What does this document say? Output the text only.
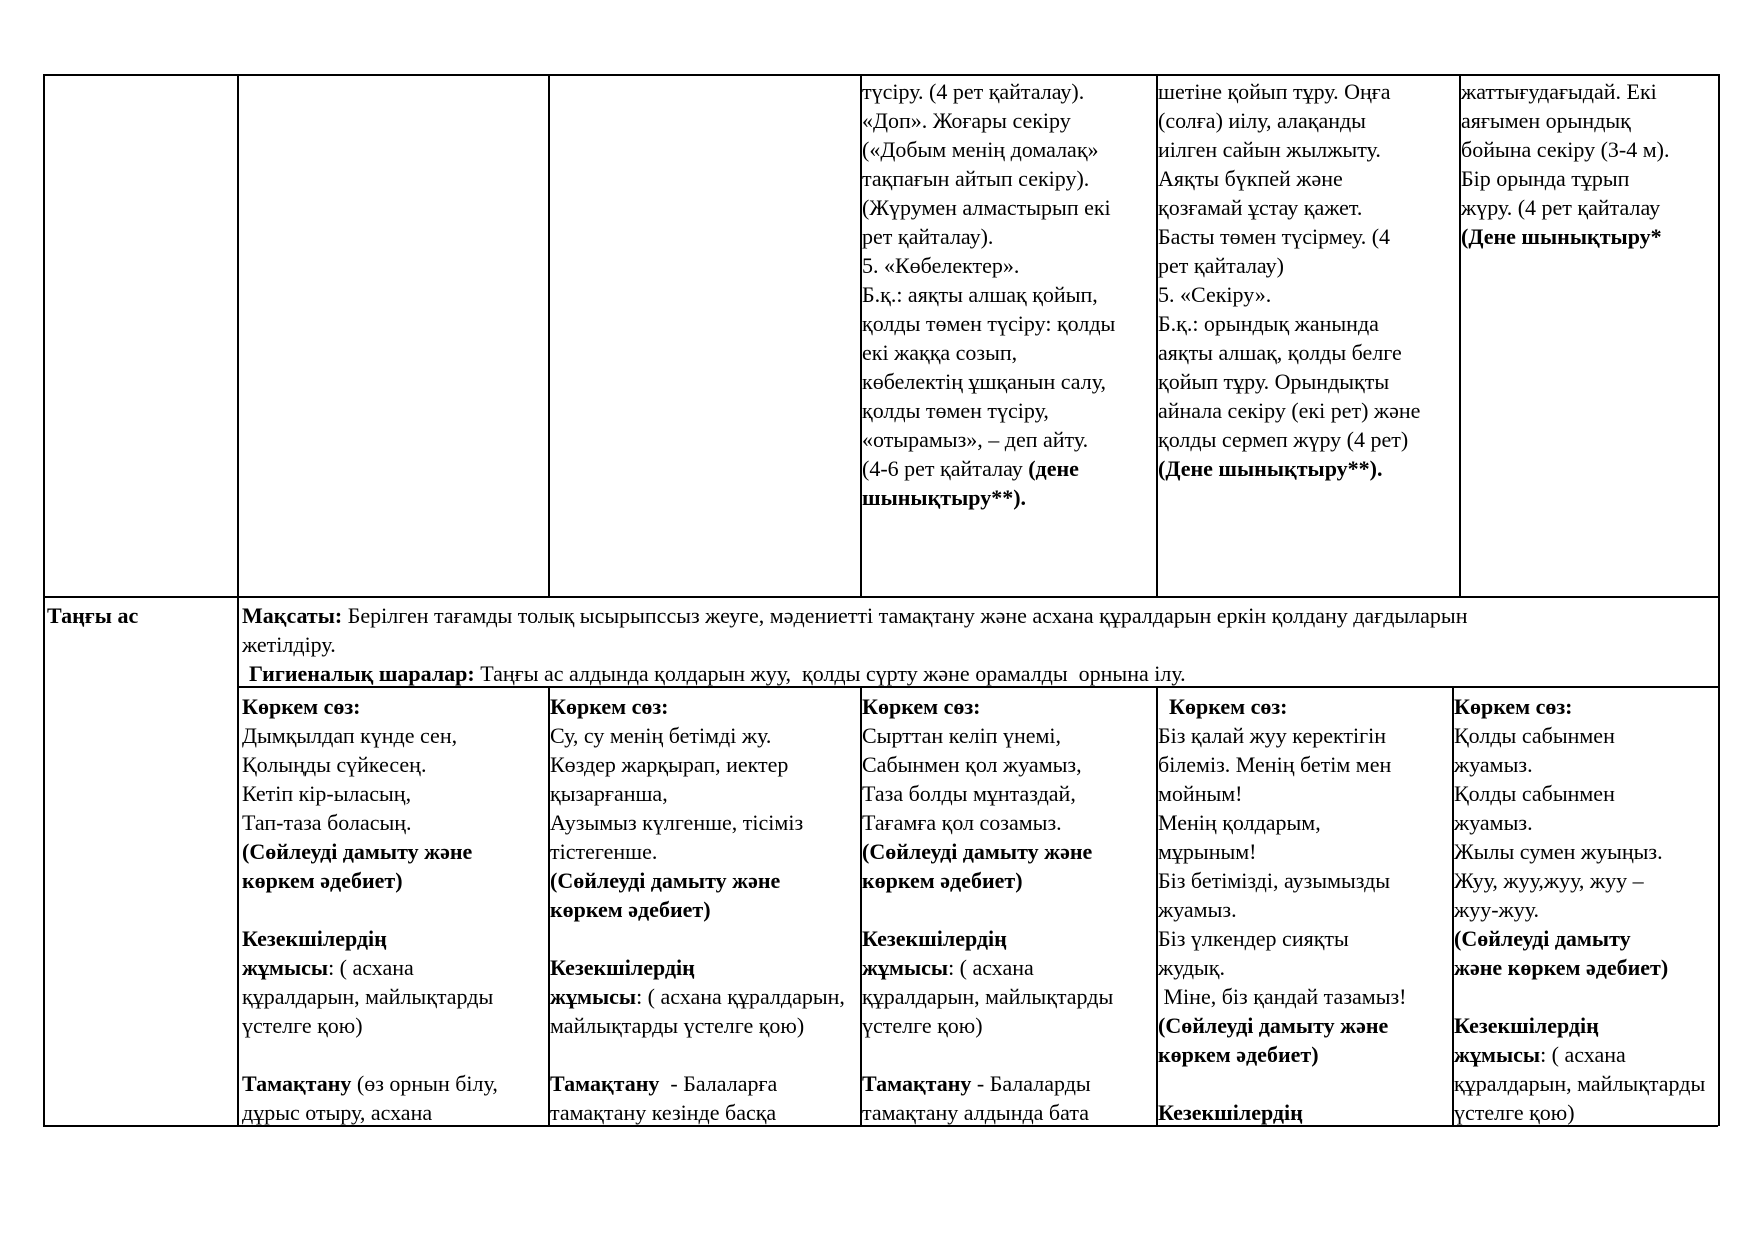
түсіру. (4 рет қайталау).
«Доп». Жоғары секіру
(«Добым менің домалақ»
тақпағын айтып секіру).
(Жүрумен алмастырып екі
рет қайталау).
5. «Көбелектер».
Б.қ.: аяқты алшақ қойып,
қолды төмен түсіру: қолды
екі жаққа созып,
көбелектің ұшқанын салу,
қолды төмен түсіру,
«отырамыз», – деп айту.
(4-6 рет қайталау (дене
шынықтыру**).
шетіне қойып тұру. Оңға
(солға) иілу, алақанды
иілген сайын жылжыту.
Аяқты бүкпей және
қозғамай ұстау қажет.
Басты төмен түсірмеу. (4
рет қайталау)
5. «Секіру».
Б.қ.: орындық жанында
аяқты алшақ, қолды белге
қойып тұру. Орындықты
айнала секіру (екі рет) және
қолды сермеп жүру (4 рет)
(Дене шынықтыру**).
жаттығудағыдай. Екі
аяғымен орындық
бойына секіру (3-4 м).
Бір орында тұрып
жүру. (4 рет қайталау
(Дене шынықтыру*
Таңғы ас	Мақсаты: Берілген тағамды толық ысырыпссыз жеуге, мәдениетті тамақтану және асхана құралдарын еркін қолдану дағдыларын
жетілдіру.
Гигиеналық шаралар: Таңғы ас алдында қолдарын жуу,  қолды сүрту және орамалды  орнына ілу.
Көркем сөз:
Дымқылдап күнде сен,
Қолыңды сүйкесең.
Кетіп кір-ыласың,
Тап-таза боласың.
(Сөйлеуді дамыту және
көркем әдебиет)
Кезекшілердің
жұмысы: ( асхана
құралдарын, майлықтарды
үстелге қою)
Тамақтану (өз орнын білу,
дұрыс отыру, асхана
Көркем сөз:
Су, су менің бетімді жу.
Көздер жарқырап, иектер
қызарғанша,
Аузымыз күлгенше, тісіміз
тістегенше.
(Сөйлеуді дамыту және
көркем әдебиет)
Кезекшілердің
жұмысы: ( асхана құралдарын,
майлықтарды үстелге қою)
Тамақтану  - Балаларға
тамақтану кезінде басқа
Көркем сөз:
Сырттан келіп үнемі,
Сабынмен қол жуамыз,
Таза болды мұнтаздай,
Тағамға қол созамыз.
(Сөйлеуді дамыту және
көркем әдебиет)
Кезекшілердің
жұмысы: ( асхана
құралдарын, майлықтарды
үстелге қою)
Тамақтану - Балаларды
тамақтану алдында бата
Көркем сөз:
Біз қалай жуу керектігін
білеміз. Менің бетім мен
мойным!
Менің қолдарым,
мұрыным!
Біз бетімізді, аузымызды
жуамыз.
Біз үлкендер сияқты
жудық.
Міне, біз қандай тазамыз!
(Сөйлеуді дамыту және
көркем әдебиет)
Кезекшілердің
Көркем сөз:
Қолды сабынмен
жуамыз.
Қолды сабынмен
жуамыз.
Жылы сумен жуыңыз.
Жуу, жуу,жуу, жуу –
жуу-жуу.
(Сөйлеуді дамыту
және көркем әдебиет)
Кезекшілердің
жұмысы: ( асхана
құралдарын, майлықтарды
үстелге қою)
